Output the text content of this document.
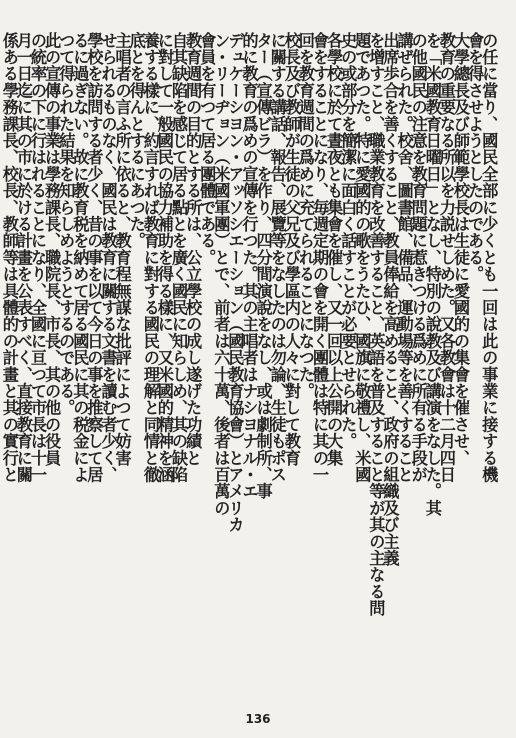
の任に當り、國民全部に少くとも一回は此の事業に接する機
會を得させようとしたのである。
大學總長及び師範學校長は生徒に愛國的の集會を催させ、
教育の重要なる所以を力説せしめた。又各教會は十二月四日
を「米國教育日曜日」となし、特別の說教及び講演をなした。其
の他國民の注意を教育問題に惹きつける爲めに所有る手段が
講ぜられた。校舍、圖書館、備品、運動場等を善くすること
出席歩合を善くすること、教員俸給を高めること、政府の組織及び主義
を增すこと、職業教育を改善すること、英語を普及すること等が其の主なる問
題であつた。特に愛國的の歌をうたひ、國旗に敬禮し、米國
史の或部分を簡潔に面白く話すことが必要とせられた。
各學校に於て晝夜とも集會を催し、又一回以上公開の大集
會をすることになり、毎週定期の會を開く團體は特に其の一
回を教育週間の爲めに充てられることになつた。
校長及び教師が生徒の父兄及び學區内の人々に對して教育
に關する講話、報告、展覽等をなしたのは勿論、生徒もポス
ター（宣傳ビラ）を作り、四分間演說をなし、或は劇制所、事
的に教育の爲めの宣傳を行つた。其の主唱者はナシヨナル・エ
デュケーシヨン・アッソシエーション（國民教育協會）とアメリカ
ン・リーヂョン（米國軍團）とで、前者は六十萬、後者は百萬の
會員を有つて居る團體である。
教育週間の目的とする所は、公立學校の成し遂げた功績と
自其缺陷を感じて居る點とを廣く國民に知らしめ、其の缺陷
に對して一般國民の協力補助を得る樣に、又米國的精神を涵
養する樣に、約言すれば教育に對する國民の理解と同情と徹
底とを得んとするにあつた。
主唱者の言ふ所に依ると、教育程無謀な批評によつて妨害
せられるものなく、國民は教育に關する文書を讀む者少く、
學校を訪問する者少く、昔の事を以て今日の事を推察して居
るに過ぎない。故に教育税を納めて居る國民に其の税金によ
つて得られた結果を知らしめようとするのである。
此の宣傳の事業は學務課長、職院長、市長、其の他の役員
の統率の下に行はれることになり、全國に亘つて市長は十一
月一日迄に其の市に於ける計畫を公表すべく、直接教育に關
係ある學務課長、校長、教師等は具體的の計畫と其の實行と
136
